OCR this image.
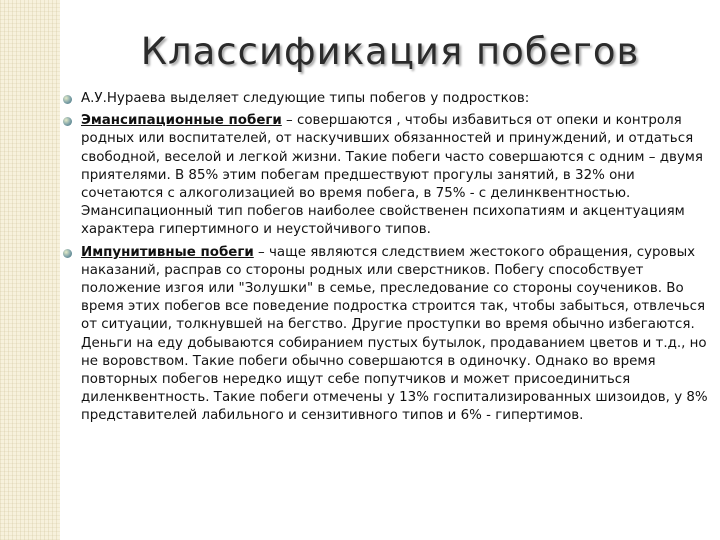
Классификация побегов
А.У.Нураева выделяет следующие типы побегов у подростков:
Эмансипационные побеги – совершаются , чтобы избавиться от опеки и контроля родных или воспитателей, от наскучивших обязанностей и принуждений, и отдаться свободной, веселой и легкой жизни. Такие побеги часто совершаются с одним – двумя приятелями. В 85% этим побегам предшествуют прогулы занятий, в 32% они сочетаются с алкоголизацией во время побега, в 75% - с делинквентностью. Эмансипационный тип побегов наиболее свойственен психопатиям и акцентуациям характера гипертимного и неустойчивого типов.
Импунитивные побеги – чаще являются следствием жестокого обращения, суровых наказаний, расправ со стороны родных или сверстников. Побегу способствует положение изгоя или "Золушки" в семье, преследование со стороны соучеников. Во время этих побегов все поведение подростка строится так, чтобы забыться, отвлечься от ситуации, толкнувшей на бегство. Другие проступки во время обычно избегаются. Деньги на еду добываются собиранием пустых бутылок, продаванием цветов и т.д., но не воровством. Такие побеги обычно совершаются в одиночку. Однако во время повторных побегов нередко ищут себе попутчиков и может присоединиться диленквентность. Такие побеги отмечены у 13% госпитализированных шизоидов, у 8% представителей лабильного и сензитивного типов и 6% - гипертимов.
